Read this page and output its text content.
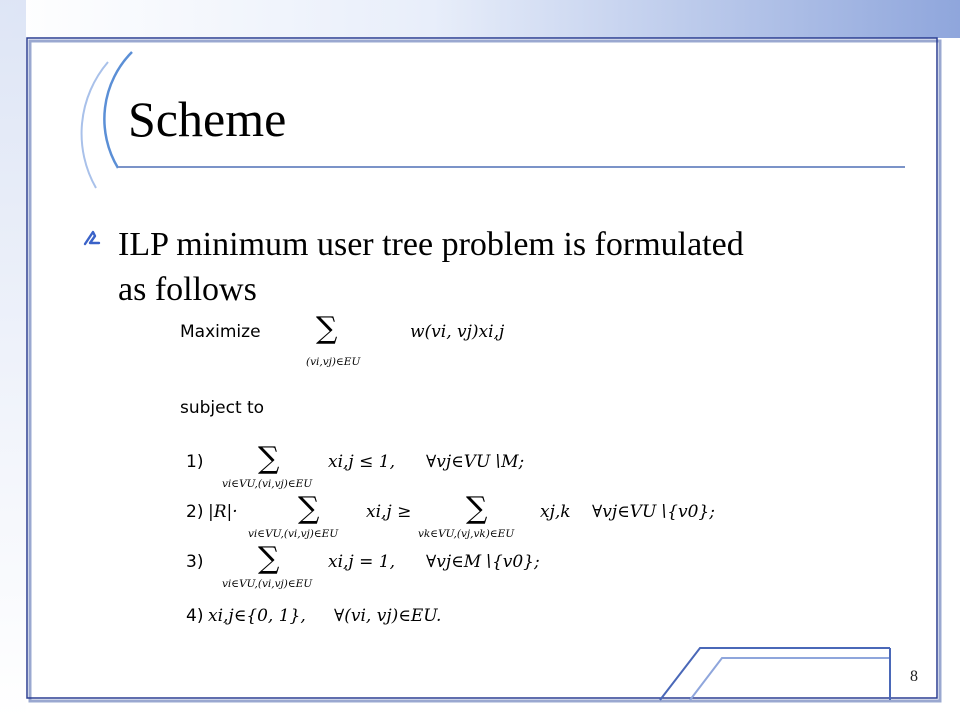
Scheme
ILP minimum user tree problem is formulated as follows
Maximize ∑
(vi,vj)∈EU
w(vi, vj)xi,j
subject to
1) ∑
vi∈VU,(vi,vj)∈EU
xi,j ≤ 1, ∀vj∈VU∖M;
2) |R|· ∑
vi∈VU,(vi,vj)∈EU
xi,j ≥ ∑
vk∈VU,(vj,vk)∈EU
xj,k ∀vj∈VU∖{v0};
3) ∑
vi∈VU,(vi,vj)∈EU
xi,j = 1, ∀vj∈M∖{v0};
4) xi,j∈{0, 1}, ∀(vi, vj)∈EU.
8
